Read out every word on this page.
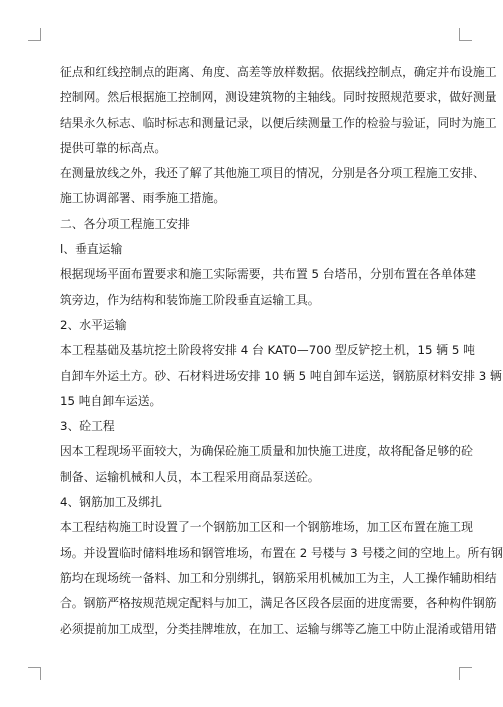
征点和红线控制点的距离、角度、高差等放样数据。依据线控制点，确定并布设施工
控制网。然后根据施工控制网，测设建筑物的主轴线。同时按照规范要求，做好测量
结果永久标志、临时标志和测量记录，以便后续测量工作的检验与验证，同时为施工
提供可靠的标高点。
在测量放线之外，我还了解了其他施工项目的情况，分别是各分项工程施工安排、
施工协调部署、雨季施工措施。
二、各分项工程施工安排
l、垂直运输
根据现场平面布置要求和施工实际需要，共布置 5 台塔吊，分别布置在各单体建
筑旁边，作为结构和装饰施工阶段垂直运输工具。
2、水平运输
本工程基础及基坑挖土阶段将安排 4 台 KAT0—700 型反铲挖土机，15 辆 5 吨
自卸车外运土方。砂、石材料进场安排 10 辆 5 吨自卸车运送，钢筋原材料安排 3 辆
15 吨自卸车运送。
3、砼工程
因本工程现场平面较大，为确保砼施工质量和加快施工进度，故将配备足够的砼
制备、运输机械和人员，本工程采用商品泵送砼。
4、钢筋加工及绑扎
本工程结构施工时设置了一个钢筋加工区和一个钢筋堆场，加工区布置在施工现
场。并设置临时储料堆场和钢管堆场，布置在 2 号楼与 3 号楼之间的空地上。所有钢
筋均在现场统一备料、加工和分别绑扎，钢筋采用机械加工为主，人工操作辅助相结
合。钢筋严格按规范规定配料与加工，满足各区段各层面的进度需要，各种构件钢筋
必须提前加工成型，分类挂牌堆放，在加工、运输与绑等乙施工中防止混淆或错用错
